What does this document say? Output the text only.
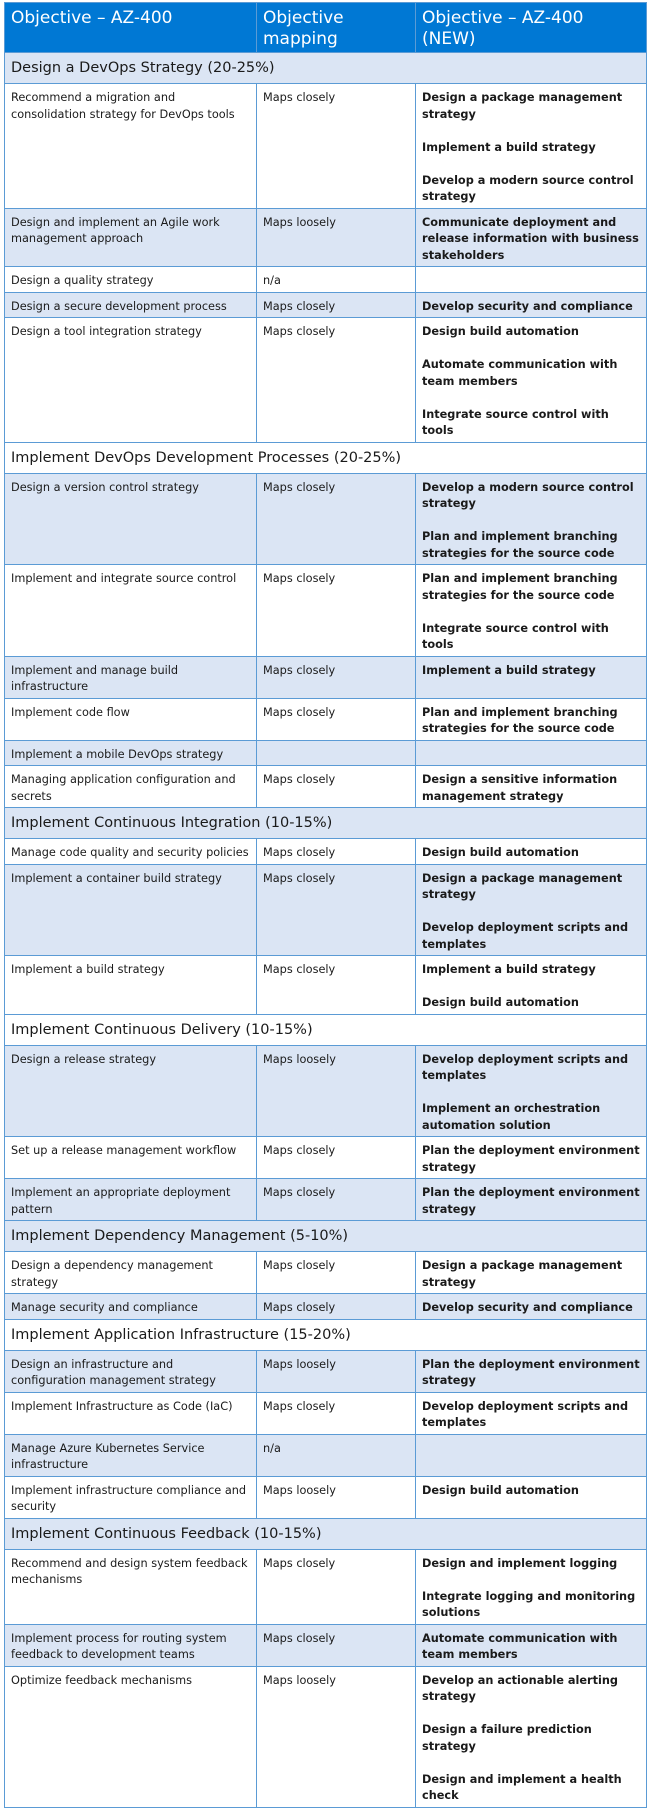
Objective – AZ-400	Objective mapping	Objective – AZ-400 (NEW)
Design a DevOps Strategy (20-25%)		
Recommend a migration and consolidation strategy for DevOps tools	Maps closely	Design a package management strategy
Implement a build strategy
Develop a modern source control strategy

Design and implement an Agile work management approach	Maps loosely	Communicate deployment and release information with business stakeholders

Design a quality strategy	n/a	
Design a secure development process	Maps closely	Develop security and compliance

Design a tool integration strategy	Maps closely	Design build automation
Automate communication with team members
Integrate source control with tools

Implement DevOps Development Processes (20-25%)		
Design a version control strategy	Maps closely	Develop a modern source control strategy
Plan and implement branching strategies for the source code

Implement and integrate source control	Maps closely	Plan and implement branching strategies for the source code
Integrate source control with tools

Implement and manage build infrastructure	Maps closely	Implement a build strategy

Implement code flow	Maps closely	Plan and implement branching strategies for the source code

Implement a mobile DevOps strategy		
Managing application configuration and secrets	Maps closely	Design a sensitive information management strategy

Implement Continuous Integration (10-15%)		
Manage code quality and security policies	Maps closely	Design build automation

Implement a container build strategy	Maps closely	Design a package management strategy
Develop deployment scripts and templates

Implement a build strategy	Maps closely	Implement a build strategy
Design build automation

Implement Continuous Delivery (10-15%)		
Design a release strategy	Maps loosely	Develop deployment scripts and templates
Implement an orchestration automation solution

Set up a release management workflow	Maps closely	Plan the deployment environment strategy

Implement an appropriate deployment pattern	Maps closely	Plan the deployment environment strategy

Implement Dependency Management (5-10%)		
Design a dependency management strategy	Maps closely	Design a package management strategy

Manage security and compliance	Maps closely	Develop security and compliance

Implement Application Infrastructure (15-20%)		
Design an infrastructure and configuration management strategy	Maps loosely	Plan the deployment environment strategy

Implement Infrastructure as Code (IaC)	Maps closely	Develop deployment scripts and templates

Manage Azure Kubernetes Service infrastructure	n/a	
Implement infrastructure compliance and security	Maps loosely	Design build automation

Implement Continuous Feedback (10-15%)		
Recommend and design system feedback mechanisms	Maps closely	Design and implement logging
Integrate logging and monitoring solutions

Implement process for routing system feedback to development teams	Maps closely	Automate communication with team members

Optimize feedback mechanisms	Maps loosely	Develop an actionable alerting strategy
Design a failure prediction strategy
Design and implement a health check
